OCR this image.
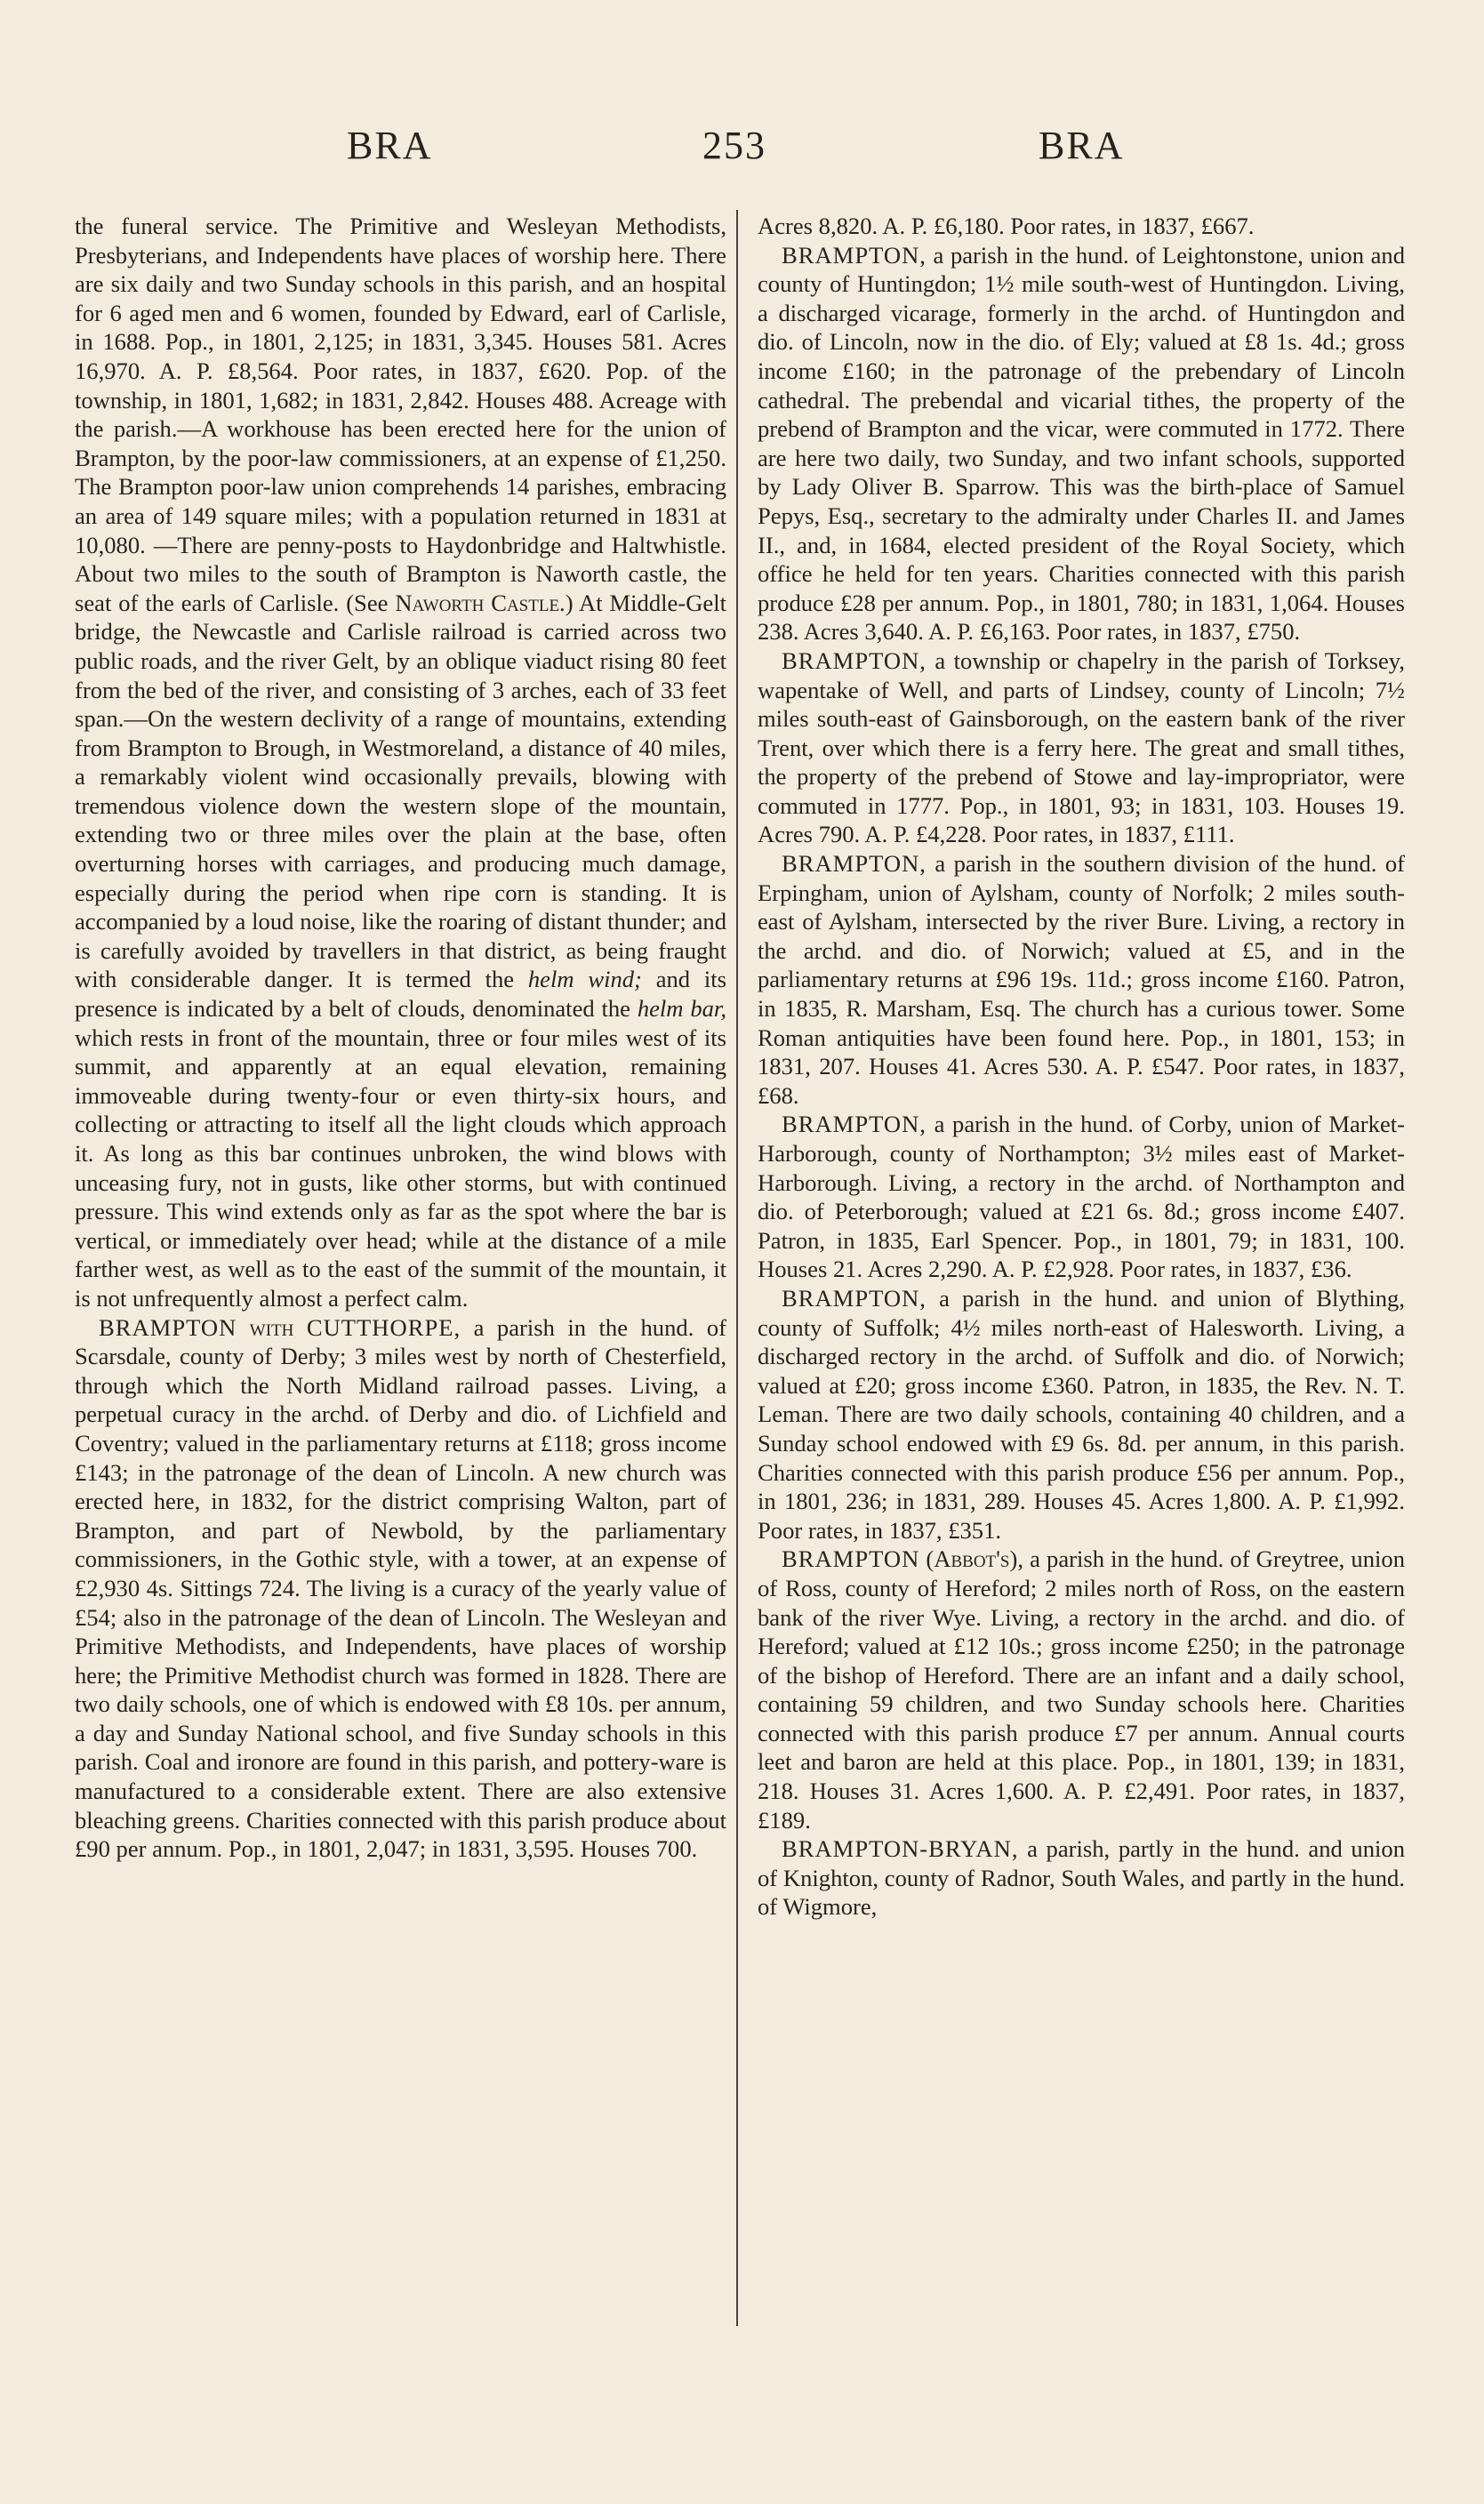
BRA	253	BRA

the funeral service. The Primitive and Wesleyan Methodists, Presbyterians, and Independents have places of worship here. There are six daily and two Sunday schools in this parish, and an hospital for 6 aged men and 6 women, founded by Edward, earl of Carlisle, in 1688. Pop., in 1801, 2,125; in 1831, 3,345. Houses 581. Acres 16,970. A. P. £8,564. Poor rates, in 1837, £620. Pop. of the township, in 1801, 1,682; in 1831, 2,842. Houses 488. Acreage with the parish.—A workhouse has been erected here for the union of Brampton, by the poor-law commissioners, at an expense of £1,250. The Brampton poor-law union comprehends 14 parishes, embracing an area of 149 square miles; with a population returned in 1831 at 10,080. —There are penny-posts to Haydonbridge and Haltwhistle. About two miles to the south of Brampton is Naworth castle, the seat of the earls of Carlisle. (See Naworth Castle.) At Middle-Gelt bridge, the Newcastle and Carlisle railroad is carried across two public roads, and the river Gelt, by an oblique viaduct rising 80 feet from the bed of the river, and consisting of 3 arches, each of 33 feet span.—On the western declivity of a range of mountains, extending from Brampton to Brough, in Westmoreland, a distance of 40 miles, a remarkably violent wind occasionally prevails, blowing with tremendous violence down the western slope of the mountain, extending two or three miles over the plain at the base, often overturning horses with carriages, and producing much damage, especially during the period when ripe corn is standing. It is accompanied by a loud noise, like the roaring of distant thunder; and is carefully avoided by travellers in that district, as being fraught with considerable danger. It is termed the helm wind; and its presence is indicated by a belt of clouds, denominated the helm bar, which rests in front of the mountain, three or four miles west of its summit, and apparently at an equal elevation, remaining immoveable during twenty-four or even thirty-six hours, and collecting or attracting to itself all the light clouds which approach it. As long as this bar continues unbroken, the wind blows with unceasing fury, not in gusts, like other storms, but with continued pressure. This wind extends only as far as the spot where the bar is vertical, or immediately over head; while at the distance of a mile farther west, as well as to the east of the summit of the mountain, it is not unfrequently almost a perfect calm.

BRAMPTON with CUTTHORPE, a parish in the hund. of Scarsdale, county of Derby; 3 miles west by north of Chesterfield, through which the North Midland railroad passes. Living, a perpetual curacy in the archd. of Derby and dio. of Lichfield and Coventry; valued in the parliamentary returns at £118; gross income £143; in the patronage of the dean of Lincoln. A new church was erected here, in 1832, for the district comprising Walton, part of Brampton, and part of Newbold, by the parliamentary commissioners, in the Gothic style, with a tower, at an expense of £2,930 4s. Sittings 724. The living is a curacy of the yearly value of £54; also in the patronage of the dean of Lincoln. The Wesleyan and Primitive Methodists, and Independents, have places of worship here; the Primitive Methodist church was formed in 1828. There are two daily schools, one of which is endowed with £8 10s. per annum, a day and Sunday National school, and five Sunday schools in this parish. Coal and ironore are found in this parish, and pottery-ware is manufactured to a considerable extent. There are also extensive bleaching greens. Charities connected with this parish produce about £90 per annum. Pop., in 1801, 2,047; in 1831, 3,595. Houses 700.

Acres 8,820. A. P. £6,180. Poor rates, in 1837, £667.

BRAMPTON, a parish in the hund. of Leightonstone, union and county of Huntingdon; 1½ mile south-west of Huntingdon. Living, a discharged vicarage, formerly in the archd. of Huntingdon and dio. of Lincoln, now in the dio. of Ely; valued at £8 1s. 4d.; gross income £160; in the patronage of the prebendary of Lincoln cathedral. The prebendal and vicarial tithes, the property of the prebend of Brampton and the vicar, were commuted in 1772. There are here two daily, two Sunday, and two infant schools, supported by Lady Oliver B. Sparrow. This was the birth-place of Samuel Pepys, Esq., secretary to the admiralty under Charles II. and James II., and, in 1684, elected president of the Royal Society, which office he held for ten years. Charities connected with this parish produce £28 per annum. Pop., in 1801, 780; in 1831, 1,064. Houses 238. Acres 3,640. A. P. £6,163. Poor rates, in 1837, £750.

BRAMPTON, a township or chapelry in the parish of Torksey, wapentake of Well, and parts of Lindsey, county of Lincoln; 7½ miles south-east of Gainsborough, on the eastern bank of the river Trent, over which there is a ferry here. The great and small tithes, the property of the prebend of Stowe and lay-impropriator, were commuted in 1777. Pop., in 1801, 93; in 1831, 103. Houses 19. Acres 790. A. P. £4,228. Poor rates, in 1837, £111.

BRAMPTON, a parish in the southern division of the hund. of Erpingham, union of Aylsham, county of Norfolk; 2 miles south-east of Aylsham, intersected by the river Bure. Living, a rectory in the archd. and dio. of Norwich; valued at £5, and in the parliamentary returns at £96 19s. 11d.; gross income £160. Patron, in 1835, R. Marsham, Esq. The church has a curious tower. Some Roman antiquities have been found here. Pop., in 1801, 153; in 1831, 207. Houses 41. Acres 530. A. P. £547. Poor rates, in 1837, £68.

BRAMPTON, a parish in the hund. of Corby, union of Market-Harborough, county of Northampton; 3½ miles east of Market-Harborough. Living, a rectory in the archd. of Northampton and dio. of Peterborough; valued at £21 6s. 8d.; gross income £407. Patron, in 1835, Earl Spencer. Pop., in 1801, 79; in 1831, 100. Houses 21. Acres 2,290. A. P. £2,928. Poor rates, in 1837, £36.

BRAMPTON, a parish in the hund. and union of Blything, county of Suffolk; 4½ miles north-east of Halesworth. Living, a discharged rectory in the archd. of Suffolk and dio. of Norwich; valued at £20; gross income £360. Patron, in 1835, the Rev. N. T. Leman. There are two daily schools, containing 40 children, and a Sunday school endowed with £9 6s. 8d. per annum, in this parish. Charities connected with this parish produce £56 per annum. Pop., in 1801, 236; in 1831, 289. Houses 45. Acres 1,800. A. P. £1,992. Poor rates, in 1837, £351.

BRAMPTON (Abbot's), a parish in the hund. of Greytree, union of Ross, county of Hereford; 2 miles north of Ross, on the eastern bank of the river Wye. Living, a rectory in the archd. and dio. of Hereford; valued at £12 10s.; gross income £250; in the patronage of the bishop of Hereford. There are an infant and a daily school, containing 59 children, and two Sunday schools here. Charities connected with this parish produce £7 per annum. Annual courts leet and baron are held at this place. Pop., in 1801, 139; in 1831, 218. Houses 31. Acres 1,600. A. P. £2,491. Poor rates, in 1837, £189.

BRAMPTON-BRYAN, a parish, partly in the hund. and union of Knighton, county of Radnor, South Wales, and partly in the hund. of Wigmore,
